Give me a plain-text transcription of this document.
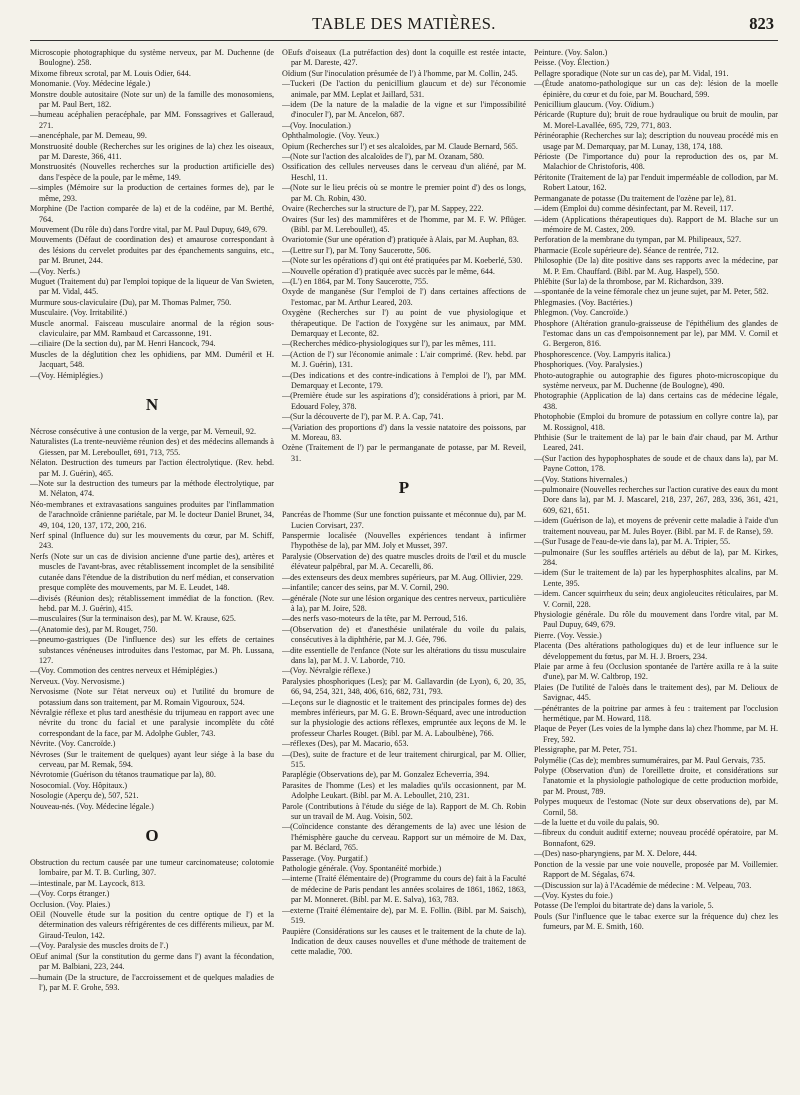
TABLE DES MATIÈRES.	823

Microscopie photographique du système nerveux, par M. Duchenne (de Boulogne). 258.

Mixome fibreux scrotal, par M. Louis Odier, 644.

Monomanie. (Voy. Médecine légale.)

Monstre double autositaire (Note sur un) de la famille des monosomiens, par M. Paul Bert, 182.

—humeau acéphalien peracéphale, par MM. Fonssagrives et Galleraud, 271.

—anencéphale, par M. Demeau, 99.

Monstruosité double (Recherches sur les origines de la) chez les oiseaux, par M. Dareste, 366, 411.

Monstruosités (Nouvelles recherches sur la production artificielle des) dans l'espèce de la poule, par le même, 149.

—simples (Mémoire sur la production de certaines formes de), par le même, 293.

Morphine (De l'action comparée de la) et de la codéine, par M. Berthé, 764.

Mouvement (Du rôle du) dans l'ordre vital, par M. Paul Dupuy, 649, 679.

Mouvements (Défaut de coordination des) et amaurose correspondant à des lésions du cervelet produites par des épanchements sanguins, etc., par M. Brunet, 244.

—(Voy. Nerfs.)

Muguet (Traitement du) par l'emploi topique de la liqueur de Van Swieten, par M. Vidal, 445.

Murmure sous-claviculaire (Du), par M. Thomas Palmer, 750.

Musculaire. (Voy. Irritabilité.)

Muscle anormal. Faisceau musculaire anormal de la région sous-claviculaire, par MM. Rambaud et Carcassonne, 191.

—ciliaire (De la section du), par M. Henri Hancock, 794.

Muscles de la déglutition chez les ophidiens, par MM. Duméril et H. Jacquart, 548.

—(Voy. Hémiplégies.)

N

Nécrose consécutive à une contusion de la verge, par M. Verneuil, 92.

Naturalistes (La trente-neuvième réunion des) et des médecins allemands à Giessen, par M. Lereboullet, 691, 713, 755.

Nélaton. Destruction des tumeurs par l'action électrolytique. (Rev. hebd. par M. J. Guérin), 465.

—Note sur la destruction des tumeurs par la méthode électrolytique, par M. Nélaton, 474.

Néo-membranes et extravasations sanguines produites par l'inflammation de l'arachnoïde crânienne pariétale, par M. le docteur Daniel Brunet, 34, 49, 104, 120, 137, 172, 200, 216.

Nerf spinal (Influence du) sur les mouvements du cœur, par M. Schiff, 243.

Nerfs (Note sur un cas de division ancienne d'une partie des), artères et muscles de l'avant-bras, avec rétablissement incomplet de la sensibilité cutanée dans l'étendue de la distribution du nerf médian, et conservation presque complète des mouvements, par M. E. Leudet, 148.

—divisés (Réunion des); rétablissement immédiat de la fonction. (Rev. hebd. par M. J. Guérin), 415.

—musculaires (Sur la terminaison des), par M. W. Krause, 625.

—(Anatomie des), par M. Rouget, 750.

—pneumo-gastriques (De l'influence des) sur les effets de certaines substances vénéneuses introduites dans l'estomac, par M. Ph. Lussana, 127.

—(Voy. Commotion des centres nerveux et Hémiplégies.)

Nerveux. (Voy. Nervosisme.)

Nervosisme (Note sur l'état nerveux ou) et l'utilité du bromure de potassium dans son traitement, par M. Romain Vigouroux, 524.

Névralgie réflexe et plus tard anesthésie du trijumeau en rapport avec une névrite du tronc du facial et une paralysie incomplète du côté correspondant de la face, par M. Adolphe Gubler, 743.

Névrite. (Voy. Cancroïde.)

Névroses (Sur le traitement de quelques) ayant leur siége à la base du cerveau, par M. Remak, 594.

Névrotomie (Guérison du tétanos traumatique par la), 80.

Nosocomial. (Voy. Hôpitaux.)

Nosologie (Aperçu de), 507, 521.

Nouveau-nés. (Voy. Médecine légale.)

O

Obstruction du rectum causée par une tumeur carcinomateuse; colotomie lombaire, par M. T. B. Curling, 307.

—intestinale, par M. Laycock, 813.

—(Voy. Corps étranger.)

Occlusion. (Voy. Plaies.)

OEil (Nouvelle étude sur la position du centre optique de l') et la détermination des valeurs réfrigérentes de ces différents milieux, par M. Giraud-Teulon, 142.

—(Voy. Paralysie des muscles droits de l'.)

OEuf animal (Sur la constitution du germe dans l') avant la fécondation, par M. Balbiani, 223, 244.

—humain (De la structure, de l'accroissement et de quelques maladies de l'), par M. F. Grohe, 593.

OEufs d'oiseaux (La putréfaction des) dont la coquille est restée intacte, par M. Dareste, 427.

Oïdium (Sur l'inoculation présumée de l') à l'homme, par M. Collin, 245.

—Tuckeri (De l'action du penicillium glaucum et de) sur l'économie animale, par MM. Leplat et Jaillard, 531.

—idem (De la nature de la maladie de la vigne et sur l'impossibilité d'inoculer l'), par M. Ancelon, 687.

—(Voy. Inoculation.)

Ophthalmologie. (Voy. Yeux.)

Opium (Recherches sur l') et ses alcaloïdes, par M. Claude Bernard, 565.

—(Note sur l'action des alcaloïdes de l'), par M. Ozanam, 580.

Ossification des cellules nerveuses dans le cerveau d'un aliéné, par M. Heschl, 11.

—(Note sur le lieu précis où se montre le premier point d') des os longs, par M. Ch. Robin, 430.

Ovaire (Recherches sur la structure de l'), par M. Sappey, 222.

Ovaires (Sur les) des mammifères et de l'homme, par M. F. W. Pflüger. (Bibl. par M. Lereboullet), 45.

Ovariotomie (Sur une opération d') pratiquée à Alais, par M. Auphan, 83.

—(Lettre sur l'), par M. Tony Saucerotte, 506.

—(Note sur les opérations d') qui ont été pratiquées par M. Koeberlé, 530.

—Nouvelle opération d') pratiquée avec succès par le même, 644.

—(L') en 1864, par M. Tony Saucerotte, 755.

Oxyde de manganèse (Sur l'emploi de l') dans certaines affections de l'estomac, par M. Arthur Leared, 203.

Oxygène (Recherches sur l') au point de vue physiologique et thérapeutique. De l'action de l'oxygène sur les animaux, par MM. Demarquay et Leconte, 82.

—(Recherches médico-physiologiques sur l'), par les mêmes, 111.

—(Action de l') sur l'économie animale : L'air comprimé. (Rev. hebd. par M. J. Guérin), 131.

—(Des indications et des contre-indications à l'emploi de l'), par MM. Demarquay et Leconte, 179.

—(Première étude sur les aspirations d'); considérations à priori, par M. Edouard Foley, 378.

—(Sur la découverte de l'), par M. P. A. Cap, 741.

—(Variation des proportions d') dans la vessie natatoire des poissons, par M. Moreau, 83.

Ozène (Traitement de l') par le permanganate de potasse, par M. Reveil, 31.

P

Pancréas de l'homme (Sur une fonction puissante et méconnue du), par M. Lucien Corvisart, 237.

Panspermie localisée (Nouvelles expériences tendant à infirmer l'hypothèse de la), par MM. Joly et Musset, 397.

Paralysie (Observation de) des quatre muscles droits de l'œil et du muscle élévateur palpébral, par M. A. Cecarelli, 86.

—des extenseurs des deux membres supérieurs, par M. Aug. Ollivier, 229.

—infantile; cancer des seins, par M. V. Cornil, 290.

—générale (Note sur une lésion organique des centres nerveux, particulière à la), par M. Joire, 528.

—des nerfs vaso-moteurs de la tête, par M. Perroud, 516.

—(Observation de) et d'anesthésie unilatérale du voile du palais, consécutives à la diphthérie, par M. J. Gée, 796.

—dite essentielle de l'enfance (Note sur les altérations du tissu musculaire dans la), par M. J. V. Laborde, 710.

—(Voy. Névralgie réflexe.)

Paralysies phosphoriques (Les); par M. Gallavardin (de Lyon), 6, 20, 35, 66, 94, 254, 321, 348, 406, 616, 682, 731, 793.

—Leçons sur le diagnostic et le traitement des principales formes de) des membres inférieurs, par M. G. E. Brown-Séquard, avec une introduction sur la physiologie des actions réflexes, empruntée aux leçons de M. le professeur Charles Rouget. (Bibl. par M. A. Laboulbène), 766.

—réflexes (Des), par M. Macario, 653.

—(Des), suite de fracture et de leur traitement chirurgical, par M. Ollier, 515.

Paraplégie (Observations de), par M. Gonzalez Echeverria, 394.

Parasites de l'homme (Les) et les maladies qu'ils occasionnent, par M. Adolphe Leukart. (Bibl. par M. A. Leboullet, 210, 231.

Parole (Contributions à l'étude du siége de la). Rapport de M. Ch. Robin sur un travail de M. Aug. Voisin, 502.

—(Coïncidence constante des dérangements de la) avec une lésion de l'hémisphère gauche du cerveau. Rapport sur un mémoire de M. Dax, par M. Béclard, 765.

Passerage. (Voy. Purgatif.)

Pathologie générale. (Voy. Spontanéité morbide.)

—interne (Traité élémentaire de) (Programme du cours de) fait à la Faculté de médecine de Paris pendant les années scolaires de 1861, 1862, 1863, par M. Monneret. (Bibl. par M. E. Salva), 163, 783.

—externe (Traité élémentaire de), par M. E. Follin. (Bibl. par M. Saisch), 519.

Paupière (Considérations sur les causes et le traitement de la chute de la). Indication de deux causes nouvelles et d'une méthode de traitement de cette maladie, 700.

Peinture. (Voy. Salon.)

Peisse. (Voy. Élection.)

Pellagre sporadique (Note sur un cas de), par M. Vidal, 191.

—(Étude anatomo-pathologique sur un cas de): lésion de la moelle épinière, du cœur et du foie, par M. Bouchard, 599.

Penicillium glaucum. (Voy. Oïdium.)

Péricarde (Rupture du); bruit de roue hydraulique ou bruit de moulin, par M. Morel-Lavallée, 695, 729, 771, 803.

Périnéoraphie (Recherches sur la); description du nouveau procédé mis en usage par M. Demarquay, par M. Lunay, 138, 174, 188.

Périoste (De l'importance du) pour la reproduction des os, par M. Malachior de Christoforis, 408.

Péritonite (Traitement de la) par l'enduit imperméable de collodion, par M. Robert Latour, 162.

Permanganate de potasse (Du traitement de l'ozène par le), 81.

—idem (Emploi du) comme désinfectant, par M. Reveil, 117.

—idem (Applications thérapeutiques du). Rapport de M. Blache sur un mémoire de M. Castex, 209.

Perforation de la membrane du tympan, par M. Philipeaux, 527.

Pharmacie (Ecole supérieure de). Séance de rentrée, 712.

Philosophie (De la) dite positive dans ses rapports avec la médecine, par M. P. Em. Chauffard. (Bibl. par M. Aug. Haspel), 550.

Phlébite (Sur la) de la thrombose, par M. Richardson, 339.

—spontanée de la veine fémorale chez un jeune sujet, par M. Peter, 582.

Phlegmasies. (Voy. Bactéries.)

Phlegmon. (Voy. Cancroïde.)

Phosphore (Altération granulo-graisseuse de l'épithélium des glandes de l'estomac dans un cas d'empoisonnement par le), par MM. V. Cornil et G. Bergeron, 816.

Phosphorescence. (Voy. Lampyris italica.)

Phosphoriques. (Voy. Paralysies.)

Photo-autographie ou autographie des figures photo-microscopique du système nerveux, par M. Duchenne (de Boulogne), 490.

Photographie (Application de la) dans certains cas de médecine légale, 438.

Photophobie (Emploi du bromure de potassium en collyre contre la), par M. Rossignol, 418.

Phthisie (Sur le traitement de la) par le bain d'air chaud, par M. Arthur Leared, 241.

—(Sur l'action des hypophosphates de soude et de chaux dans la), par M. Payne Cotton, 178.

—(Voy. Stations hivernales.)

—pulmonaire (Nouvelles recherches sur l'action curative des eaux du mont Dore dans la), par M. J. Mascarel, 218, 237, 267, 283, 336, 361, 421, 609, 621, 651.

—idem (Guérison de la), et moyens de prévenir cette maladie à l'aide d'un traitement nouveau, par M. Jules Boyer. (Bibl. par M. F. de Ranse), 59.

—(Sur l'usage de l'eau-de-vie dans la), par M. A. Tripier, 55.

—pulmonaire (Sur les souffles artériels au début de la), par M. Kirkes, 284.

—idem (Sur le traitement de la) par les hyperphosphites alcalins, par M. Lente, 395.

—idem. Cancer squirrheux du sein; deux angioleucites réticulaires, par M. V. Cornil, 228.

Physiologie générale. Du rôle du mouvement dans l'ordre vital, par M. Paul Dupuy, 649, 679.

Pierre. (Voy. Vessie.)

Placenta (Des altérations pathologiques du) et de leur influence sur le développement du fœtus, par M. H. J. Broers, 234.

Plaie par arme à feu (Occlusion spontanée de l'artère axilla re à la suite d'une), par M. W. Caltbrop, 192.

Plaies (De l'utilité de l'aloès dans le traitement des), par M. Delioux de Savignac, 445.

—pénétrantes de la poitrine par armes à feu : traitement par l'occlusion hermétique, par M. Howard, 118.

Plaque de Peyer (Les voies de la lymphe dans la) chez l'homme, par M. H. Frey, 592.

Plessigraphe, par M. Peter, 751.

Polymélie (Cas de); membres surnuméraires, par M. Paul Gervais, 735.

Polype (Observation d'un) de l'oreillette droite, et considérations sur l'anatomie et la physiologie pathologique de cette production morbide, par M. Proust, 789.

Polypes muqueux de l'estomac (Note sur deux observations de), par M. Cornil, 58.

—de la luette et du voile du palais, 90.

—fibreux du conduit auditif externe; nouveau procédé opératoire, par M. Bonnafont, 629.

—(Des) naso-pharyngiens, par M. X. Delore, 444.

Ponction de la vessie par une voie nouvelle, proposée par M. Voillemier. Rapport de M. Ségalas, 674.

—(Discussion sur la) à l'Académie de médecine : M. Velpeau, 703.

—(Voy. Kystes du foie.)

Potasse (De l'emploi du bitartrate de) dans la variole, 5.

Pouls (Sur l'influence que le tabac exerce sur la fréquence du) chez les fumeurs, par M. E. Smith, 160.
